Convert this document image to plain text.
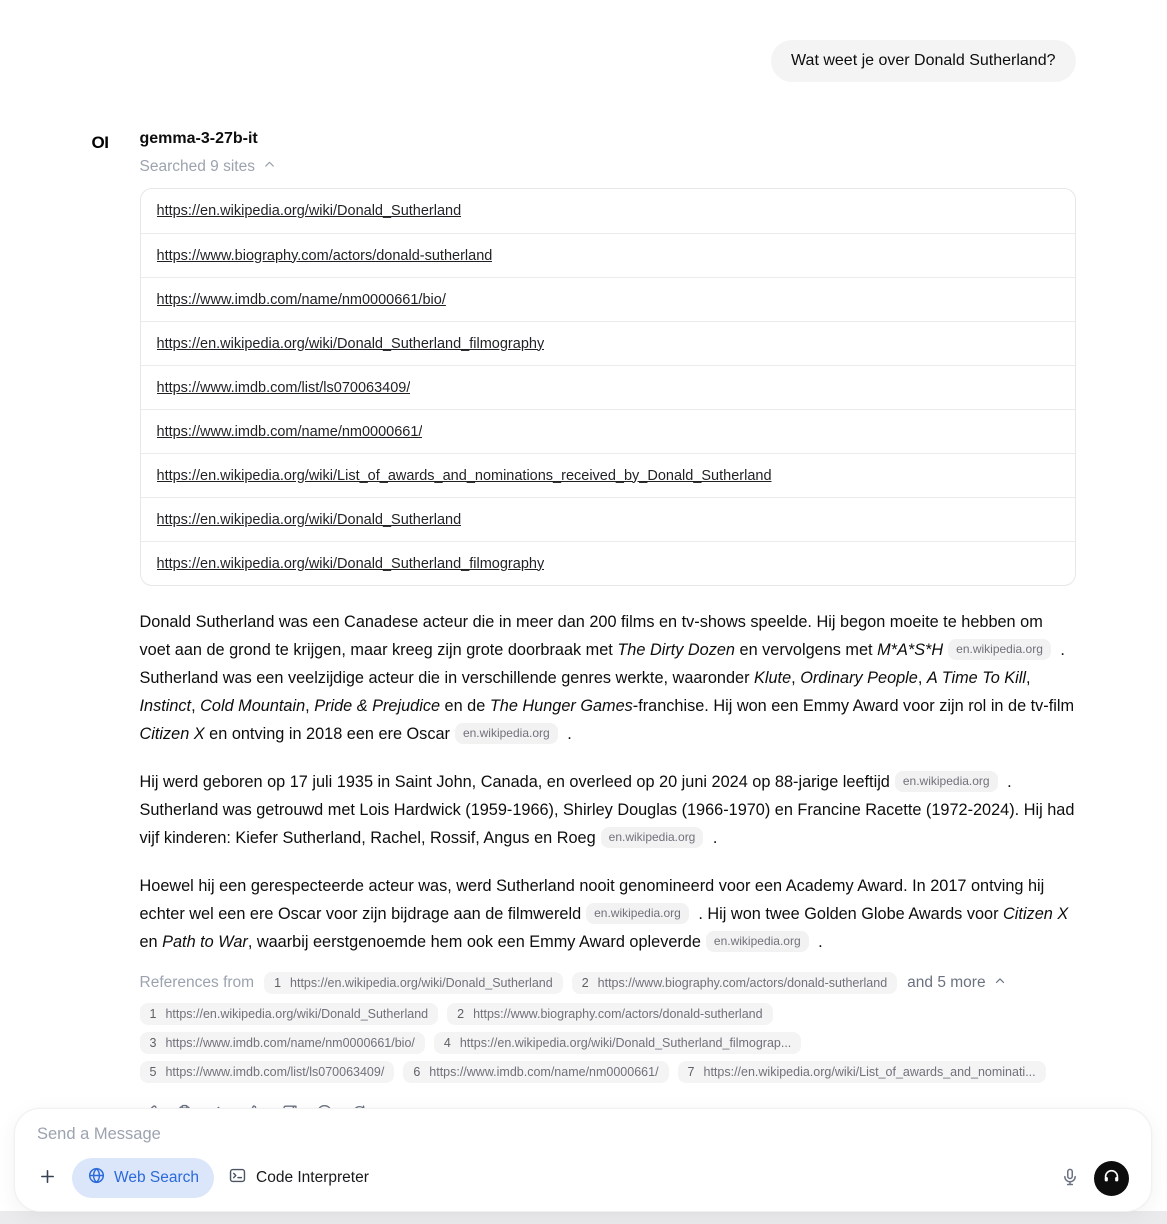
Wat weet je over Donald Sutherland?
OI	gemma-3-27b-it
Searched 9 sites
https://en.wikipedia.org/wiki/Donald_Sutherland
https://www.biography.com/actors/donald-sutherland
https://www.imdb.com/name/nm0000661/bio/
https://en.wikipedia.org/wiki/Donald_Sutherland_filmography
https://www.imdb.com/list/ls070063409/
https://www.imdb.com/name/nm0000661/
https://en.wikipedia.org/wiki/List_of_awards_and_nominations_received_by_Donald_Sutherland
https://en.wikipedia.org/wiki/Donald_Sutherland
https://en.wikipedia.org/wiki/Donald_Sutherland_filmography
Donald Sutherland was een Canadese acteur die in meer dan 200 films en tv-shows speelde. Hij begon moeite te hebben om voet aan de grond te krijgen, maar kreeg zijn grote doorbraak met The Dirty Dozen en vervolgens met M*A*S*H en.wikipedia.org . Sutherland was een veelzijdige acteur die in verschillende genres werkte, waaronder Klute, Ordinary People, A Time To Kill, Instinct, Cold Mountain, Pride & Prejudice en de The Hunger Games-franchise. Hij won een Emmy Award voor zijn rol in de tv-film Citizen X en ontving in 2018 een ere Oscar en.wikipedia.org .
Hij werd geboren op 17 juli 1935 in Saint John, Canada, en overleed op 20 juni 2024 op 88-jarige leeftijd en.wikipedia.org . Sutherland was getrouwd met Lois Hardwick (1959-1966), Shirley Douglas (1966-1970) en Francine Racette (1972-2024). Hij had vijf kinderen: Kiefer Sutherland, Rachel, Rossif, Angus en Roeg en.wikipedia.org .
Hoewel hij een gerespecteerde acteur was, werd Sutherland nooit genomineerd voor een Academy Award. In 2017 ontving hij echter wel een ere Oscar voor zijn bijdrage aan de filmwereld en.wikipedia.org . Hij won twee Golden Globe Awards voor Citizen X en Path to War, waarbij eerstgenoemde hem ook een Emmy Award opleverde en.wikipedia.org .
References from 1 https://en.wikipedia.org/wiki/Donald_Sutherland 2 https://www.biography.com/actors/donald-sutherland and 5 more
1 https://en.wikipedia.org/wiki/Donald_Sutherland 2 https://www.biography.com/actors/donald-sutherland
3 https://www.imdb.com/name/nm0000661/bio/ 4 https://en.wikipedia.org/wiki/Donald_Sutherland_filmograp...
5 https://www.imdb.com/list/ls070063409/ 6 https://www.imdb.com/name/nm0000661/ 7 https://en.wikipedia.org/wiki/List_of_awards_and_nominati...
Send a Message
Web Search	Code Interpreter
